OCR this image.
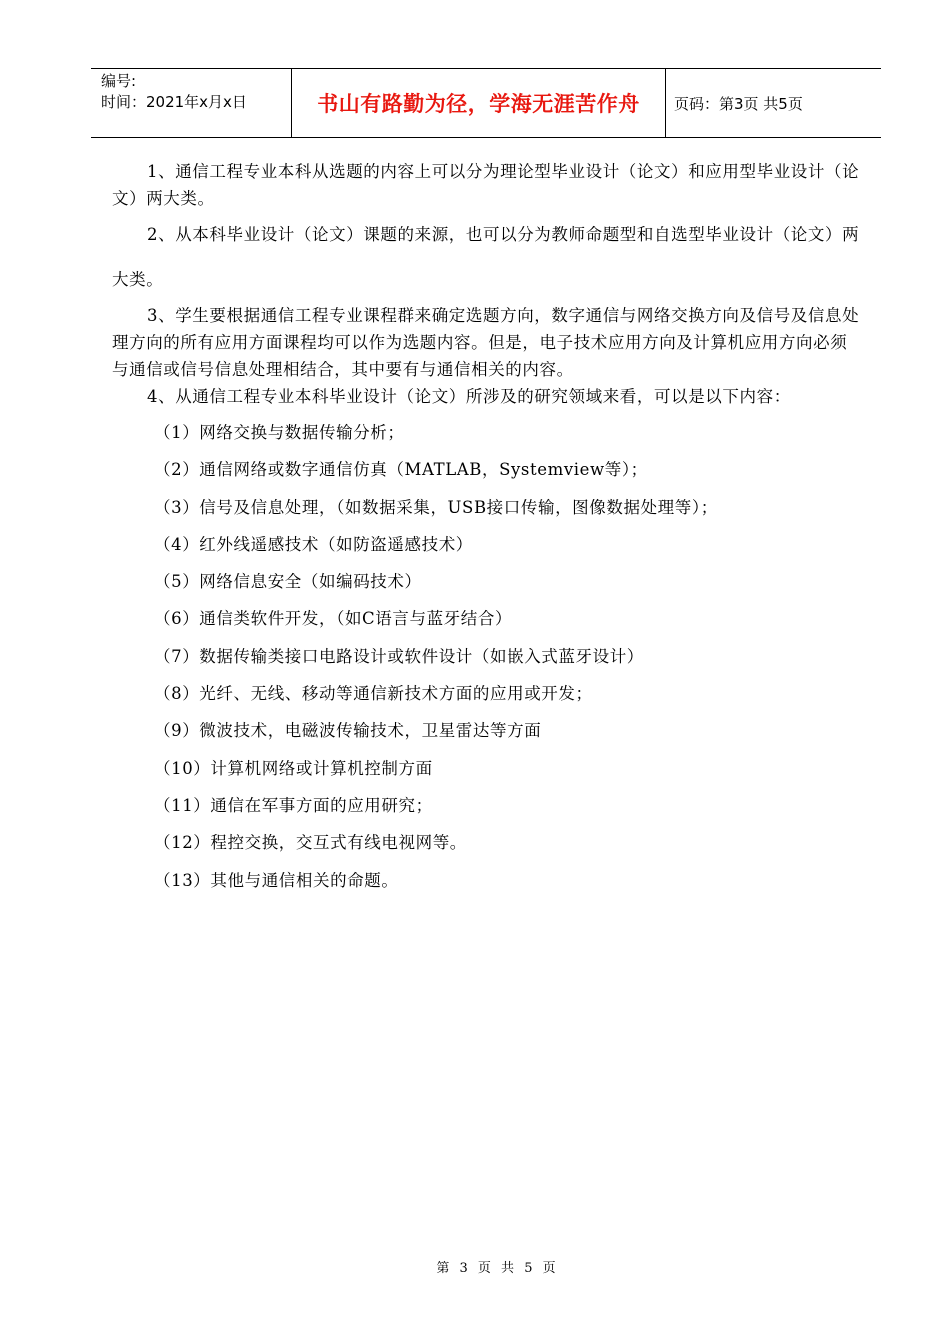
编号:
时间：2021年x月x日	书山有路勤为径，学海无涯苦作舟	页码：第3页 共5页

1、通信工程专业本科从选题的内容上可以分为理论型毕业设计（论文）和应用型毕业设计（论文）两大类。

2、从本科毕业设计（论文）课题的来源，也可以分为教师命题型和自选型毕业设计（论文）两大类。

3、学生要根据通信工程专业课程群来确定选题方向，数字通信与网络交换方向及信号及信息处理方向的所有应用方面课程均可以作为选题内容。但是，电子技术应用方向及计算机应用方向必须与通信或信号信息处理相结合，其中要有与通信相关的内容。

4、从通信工程专业本科毕业设计（论文）所涉及的研究领域来看，可以是以下内容：

（1）网络交换与数据传输分析；
（2）通信网络或数字通信仿真（MATLAB，Systemview等）；
（3）信号及信息处理，（如数据采集，USB接口传输，图像数据处理等）；
（4）红外线遥感技术（如防盗遥感技术）
（5）网络信息安全（如编码技术）
（6）通信类软件开发，（如C语言与蓝牙结合）
（7）数据传输类接口电路设计或软件设计（如嵌入式蓝牙设计）
（8）光纤、无线、移动等通信新技术方面的应用或开发；
（9）微波技术，电磁波传输技术，卫星雷达等方面
（10）计算机网络或计算机控制方面
（11）通信在军事方面的应用研究；
（12）程控交换，交互式有线电视网等。
（13）其他与通信相关的命题。
第 3 页 共 5 页
